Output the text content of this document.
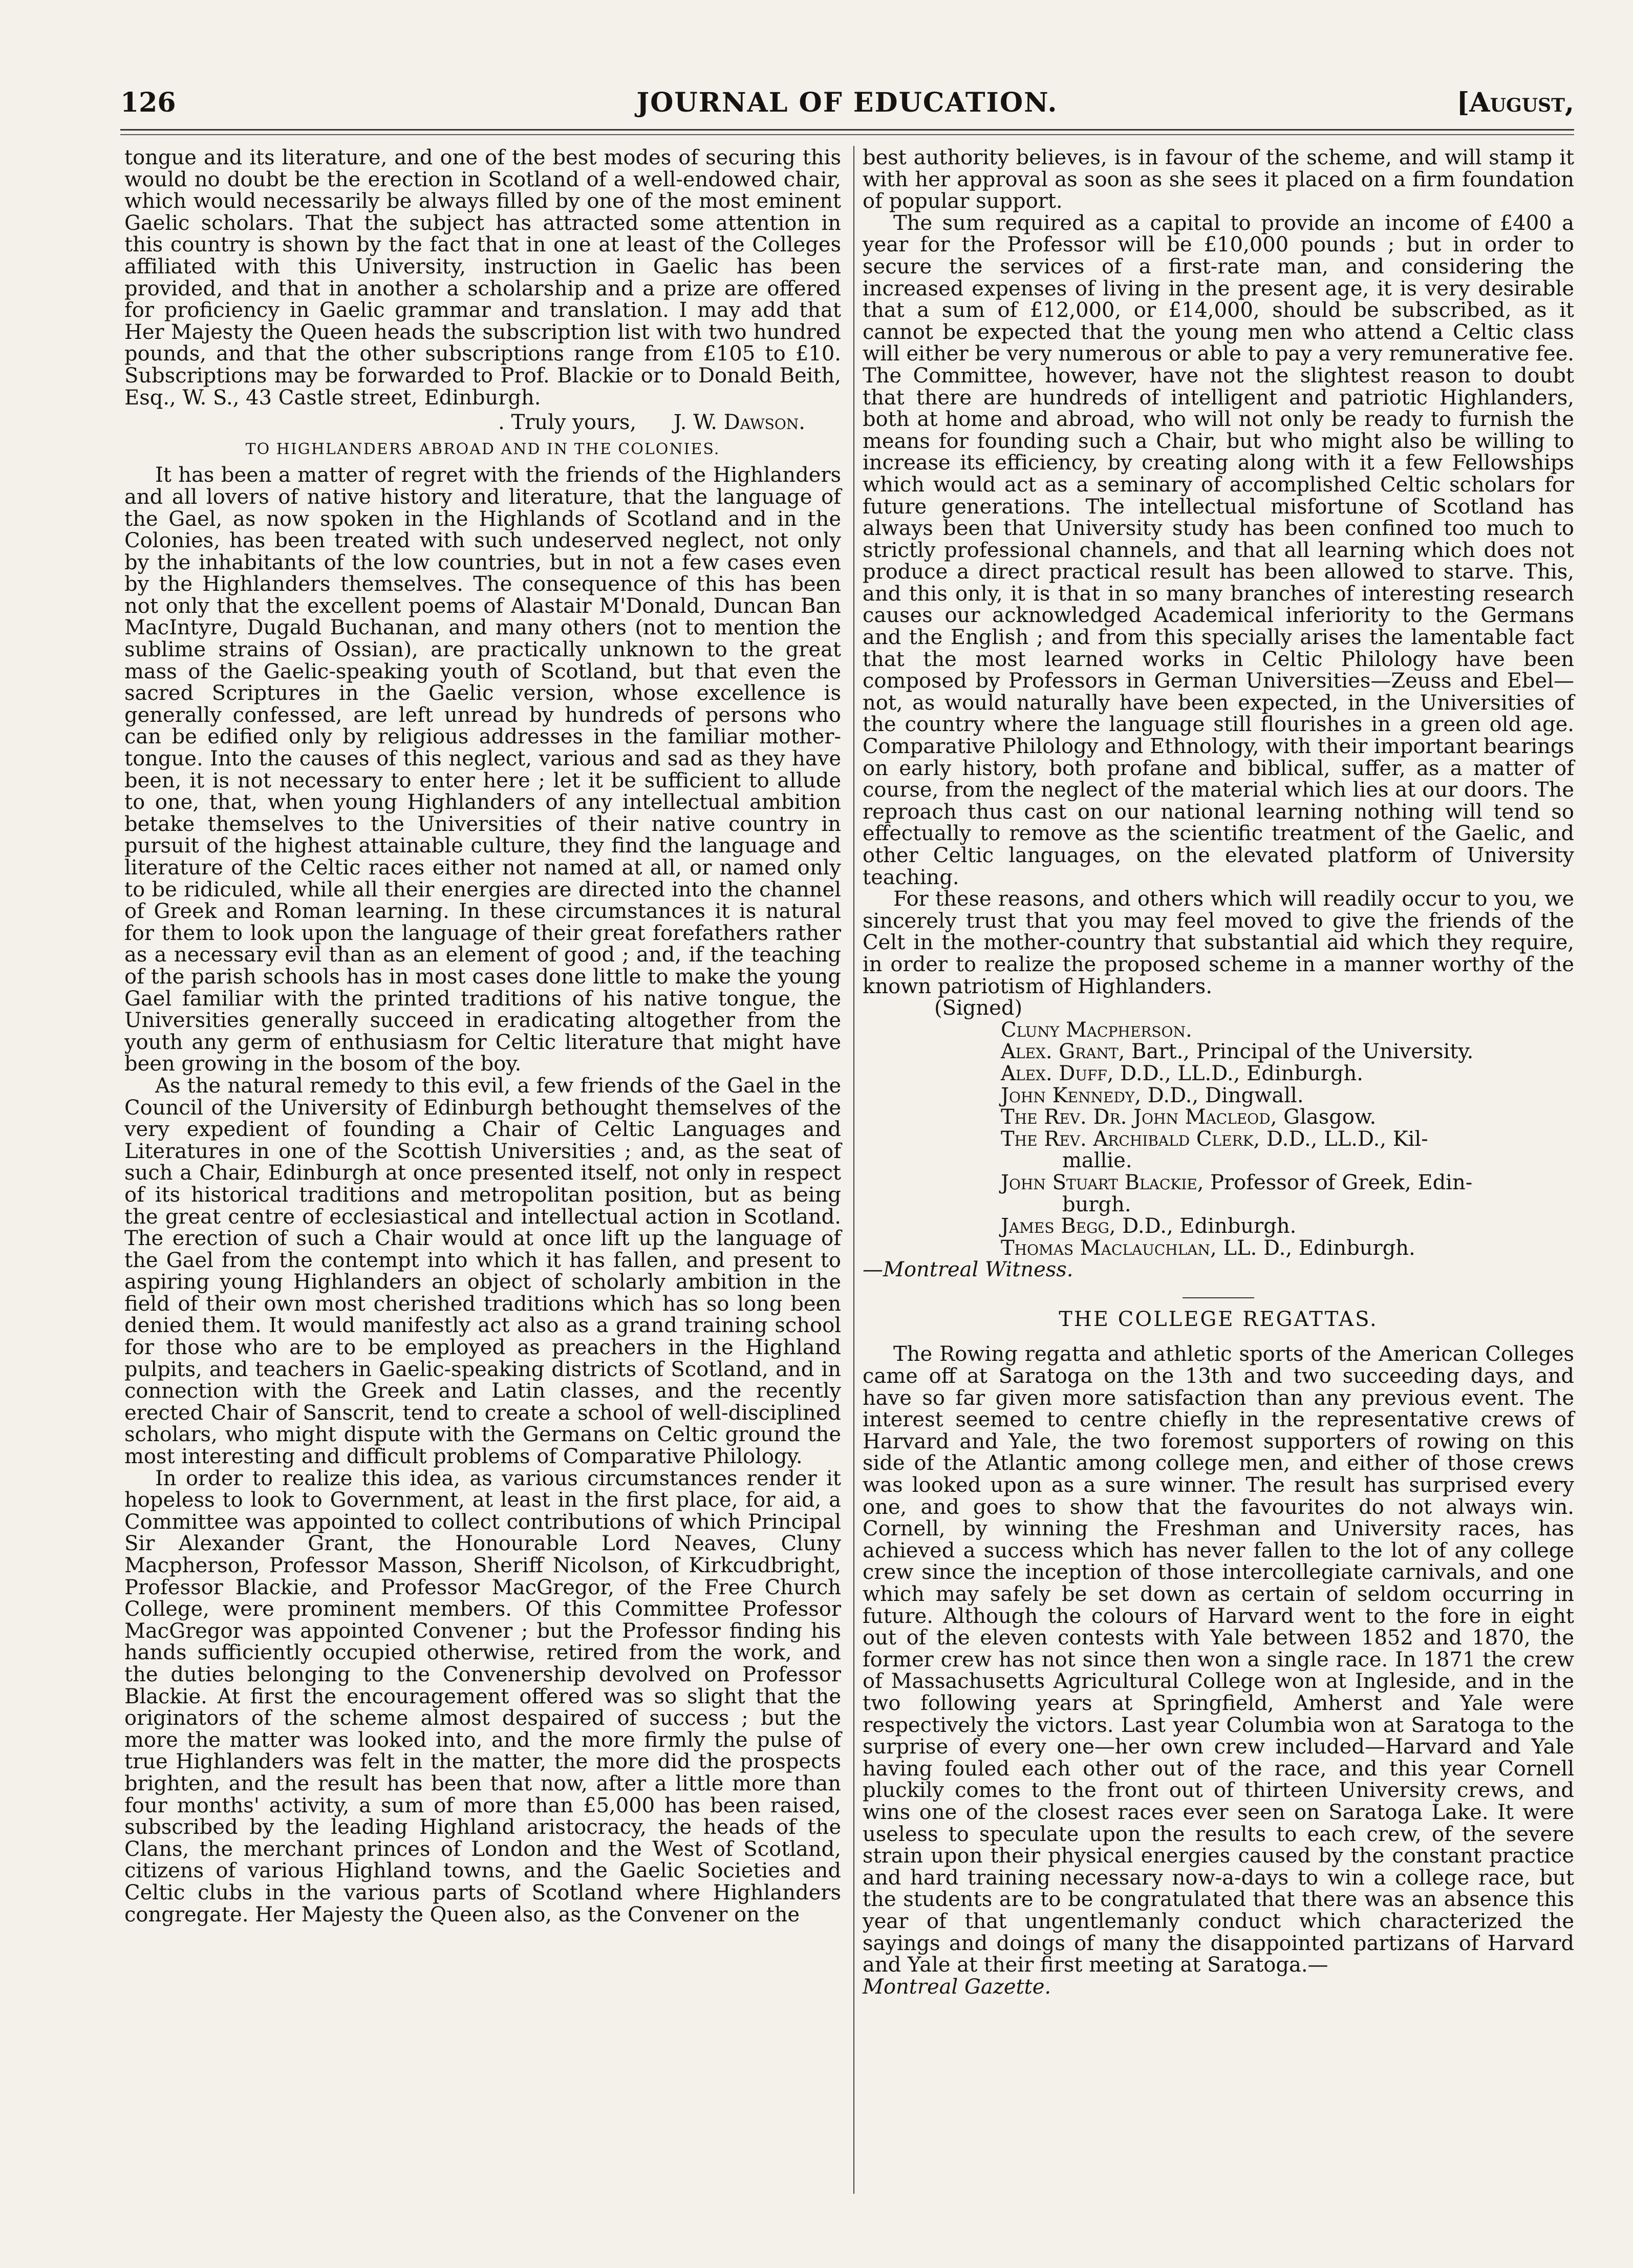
JOURNAL OF EDUCATION.
126	[August,

tongue and its literature, and one of the best modes of securing this would no doubt be the erection in Scotland of a well-endowed chair, which would necessarily be always filled by one of the most eminent Gaelic scholars. That the subject has attracted some attention in this country is shown by the fact that in one at least of the Colleges affiliated with this University, instruction in Gaelic has been provided, and that in another a scholarship and a prize are offered for proficiency in Gaelic grammar and translation. I may add that Her Majesty the Queen heads the subscription list with two hundred pounds, and that the other subscriptions range from £105 to £10. Subscriptions may be forwarded to Prof. Blackie or to Donald Beith, Esq., W. S., 43 Castle street, Edinburgh.

. Truly yours, J. W. Dawson.
TO HIGHLANDERS ABROAD AND IN THE COLONIES.

It has been a matter of regret with the friends of the Highlanders and all lovers of native history and literature, that the language of the Gael, as now spoken in the Highlands of Scotland and in the Colonies, has been treated with such undeserved neglect, not only by the inhabitants of the low countries, but in not a few cases even by the Highlanders themselves. The consequence of this has been not only that the excellent poems of Alastair M'Donald, Duncan Ban MacIntyre, Dugald Buchanan, and many others (not to mention the sublime strains of Ossian), are practically unknown to the great mass of the Gaelic-speaking youth of Scotland, but that even the sacred Scriptures in the Gaelic version, whose excellence is generally confessed, are left unread by hundreds of persons who can be edified only by religious addresses in the familiar mother-tongue. Into the causes of this neglect, various and sad as they have been, it is not necessary to enter here ; let it be sufficient to allude to one, that, when young Highlanders of any intellectual ambition betake themselves to the Universities of their native country in pursuit of the highest attainable culture, they find the language and literature of the Celtic races either not named at all, or named only to be ridiculed, while all their energies are directed into the channel of Greek and Roman learning. In these circumstances it is natural for them to look upon the language of their great forefathers rather as a necessary evil than as an element of good ; and, if the teaching of the parish schools has in most cases done little to make the young Gael familiar with the printed traditions of his native tongue, the Universities generally succeed in eradicating altogether from the youth any germ of enthusiasm for Celtic literature that might have been growing in the bosom of the boy.

As the natural remedy to this evil, a few friends of the Gael in the Council of the University of Edinburgh bethought themselves of the very expedient of founding a Chair of Celtic Languages and Literatures in one of the Scottish Universities ; and, as the seat of such a Chair, Edinburgh at once presented itself, not only in respect of its historical traditions and metropolitan position, but as being the great centre of ecclesiastical and intellectual action in Scotland. The erection of such a Chair would at once lift up the language of the Gael from the contempt into which it has fallen, and present to aspiring young Highlanders an object of scholarly ambition in the field of their own most cherished traditions which has so long been denied them. It would manifestly act also as a grand training school for those who are to be employed as preachers in the Highland pulpits, and teachers in Gaelic-speaking districts of Scotland, and in connection with the Greek and Latin classes, and the recently erected Chair of Sanscrit, tend to create a school of well-disciplined scholars, who might dispute with the Germans on Celtic ground the most interesting and difficult problems of Comparative Philology.

In order to realize this idea, as various circumstances render it hopeless to look to Government, at least in the first place, for aid, a Committee was appointed to collect contributions of which Principal Sir Alexander Grant, the Honourable Lord Neaves, Cluny Macpherson, Professor Masson, Sheriff Nicolson, of Kirkcudbright, Professor Blackie, and Professor MacGregor, of the Free Church College, were prominent members. Of this Committee Professor MacGregor was appointed Convener ; but the Professor finding his hands sufficiently occupied otherwise, retired from the work, and the duties belonging to the Convenership devolved on Professor Blackie. At first the encouragement offered was so slight that the originators of the scheme almost despaired of success ; but the more the matter was looked into, and the more firmly the pulse of true Highlanders was felt in the matter, the more did the prospects brighten, and the result has been that now, after a little more than four months' activity, a sum of more than £5,000 has been raised, subscribed by the leading Highland aristocracy, the heads of the Clans, the merchant princes of London and the West of Scotland, citizens of various Highland towns, and the Gaelic Societies and Celtic clubs in the various parts of Scotland where Highlanders congregate. Her Majesty the Queen also, as the Convener on the

best authority believes, is in favour of the scheme, and will stamp it with her approval as soon as she sees it placed on a firm foundation of popular support.

The sum required as a capital to provide an income of £400 a year for the Professor will be £10,000 pounds ; but in order to secure the services of a first-rate man, and considering the increased expenses of living in the present age, it is very desirable that a sum of £12,000, or £14,000, should be subscribed, as it cannot be expected that the young men who attend a Celtic class will either be very numerous or able to pay a very remunerative fee. The Committee, however, have not the slightest reason to doubt that there are hundreds of intelligent and patriotic Highlanders, both at home and abroad, who will not only be ready to furnish the means for founding such a Chair, but who might also be willing to increase its efficiency, by creating along with it a few Fellowships which would act as a seminary of accomplished Celtic scholars for future generations. The intellectual misfortune of Scotland has always been that University study has been confined too much to strictly professional channels, and that all learning which does not produce a direct practical result has been allowed to starve. This, and this only, it is that in so many branches of interesting research causes our acknowledged Academical inferiority to the Germans and the English ; and from this specially arises the lamentable fact that the most learned works in Celtic Philology have been composed by Professors in German Universities—Zeuss and Ebel—not, as would naturally have been expected, in the Universities of the country where the language still flourishes in a green old age. Comparative Philology and Ethnology, with their important bearings on early history, both profane and biblical, suffer, as a matter of course, from the neglect of the material which lies at our doors. The reproach thus cast on our national learning nothing will tend so effectually to remove as the scientific treatment of the Gaelic, and other Celtic languages, on the elevated platform of University teaching.

For these reasons, and others which will readily occur to you, we sincerely trust that you may feel moved to give the friends of the Celt in the mother-country that substantial aid which they require, in order to realize the proposed scheme in a manner worthy of the known patriotism of Highlanders.

(Signed)
Cluny Macpherson.
Alex. Grant, Bart., Principal of the University.
Alex. Duff, D.D., LL.D., Edinburgh.
John Kennedy, D.D., Dingwall.
The Rev. Dr. John Macleod, Glasgow.
The Rev. Archibald Clerk, D.D., LL.D., Kil-
mallie.
John Stuart Blackie, Professor of Greek, Edin-
burgh.
James Begg, D.D., Edinburgh.
Thomas Maclauchlan, LL. D., Edinburgh.
—Montreal Witness.
THE COLLEGE REGATTAS.

The Rowing regatta and athletic sports of the American Colleges came off at Saratoga on the 13th and two succeeding days, and have so far given more satisfaction than any previous event. The interest seemed to centre chiefly in the representative crews of Harvard and Yale, the two foremost supporters of rowing on this side of the Atlantic among college men, and either of those crews was looked upon as a sure winner. The result has surprised every one, and goes to show that the favourites do not always win. Cornell, by winning the Freshman and University races, has achieved a success which has never fallen to the lot of any college crew since the inception of those intercollegiate carnivals, and one which may safely be set down as certain of seldom occurring in future. Although the colours of Harvard went to the fore in eight out of the eleven contests with Yale between 1852 and 1870, the former crew has not since then won a single race. In 1871 the crew of Massachusetts Agricultural College won at Ingleside, and in the two following years at Springfield, Amherst and Yale were respectively the victors. Last year Columbia won at Saratoga to the surprise of every one—her own crew included—Harvard and Yale having fouled each other out of the race, and this year Cornell pluckily comes to the front out of thirteen University crews, and wins one of the closest races ever seen on Saratoga Lake. It were useless to speculate upon the results to each crew, of the severe strain upon their physical energies caused by the constant practice and hard training necessary now-a-days to win a college race, but the students are to be congratulated that there was an absence this year of that ungentlemanly conduct which characterized the sayings and doings of many the disappointed partizans of Harvard and Yale at their first meeting at Saratoga.—

Montreal Gazette.
